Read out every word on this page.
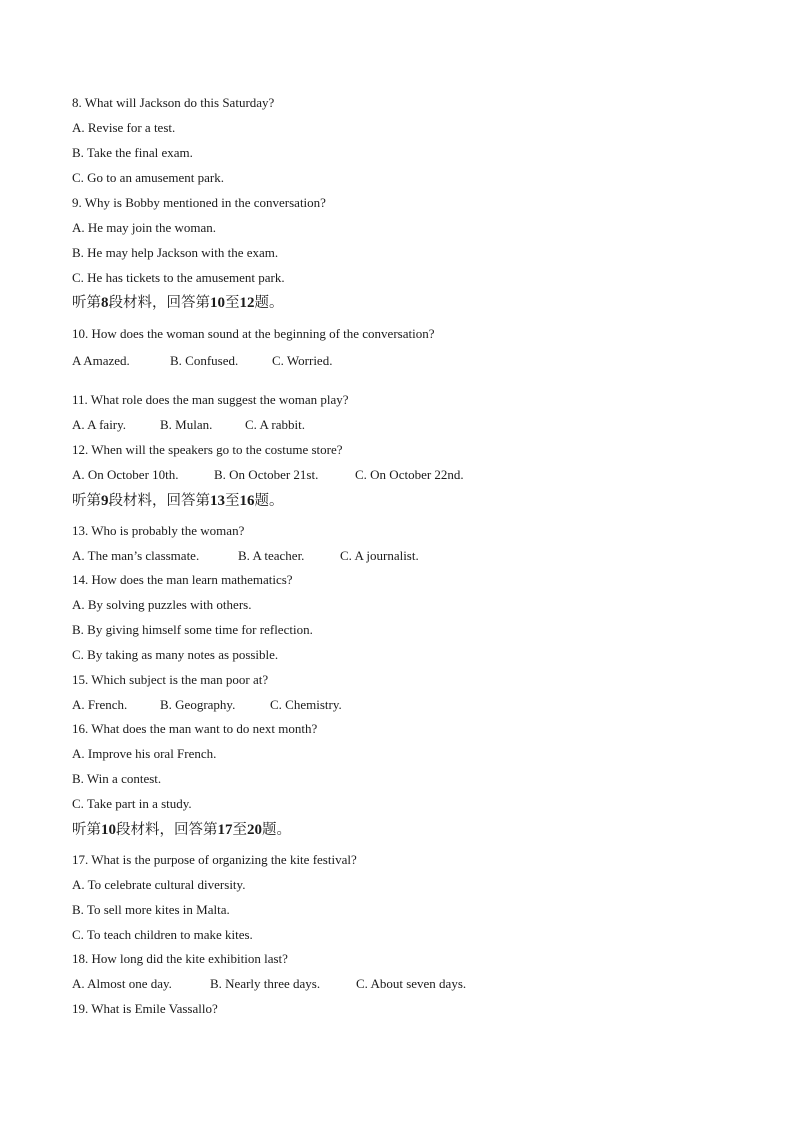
8. What will Jackson do this Saturday?
A. Revise for a test.
B. Take the final exam.
C. Go to an amusement park.
9. Why is Bobby mentioned in the conversation?
A. He may join the woman.
B. He may help Jackson with the exam.
C. He has tickets to the amusement park.
听第8段材料，回答第10至12题。
10. How does the woman sound at the beginning of the conversation?
A Amazed.	B. Confused.	C. Worried.
11. What role does the man suggest the woman play?
A. A fairy.	B. Mulan.	C. A rabbit.
12. When will the speakers go to the costume store?
A. On October 10th.	B. On October 21st.	C. On October 22nd.
听第9段材料，回答第13至16题。
13. Who is probably the woman?
A. The man’s classmate.	B. A teacher.	C. A journalist.
14. How does the man learn mathematics?
A. By solving puzzles with others.
B. By giving himself some time for reflection.
C. By taking as many notes as possible.
15. Which subject is the man poor at?
A. French.	B. Geography.	C. Chemistry.
16. What does the man want to do next month?
A. Improve his oral French.
B. Win a contest.
C. Take part in a study.
听第10段材料，回答第17至20题。
17. What is the purpose of organizing the kite festival?
A. To celebrate cultural diversity.
B. To sell more kites in Malta.
C. To teach children to make kites.
18. How long did the kite exhibition last?
A. Almost one day.	B. Nearly three days.	C. About seven days.
19. What is Emile Vassallo?
